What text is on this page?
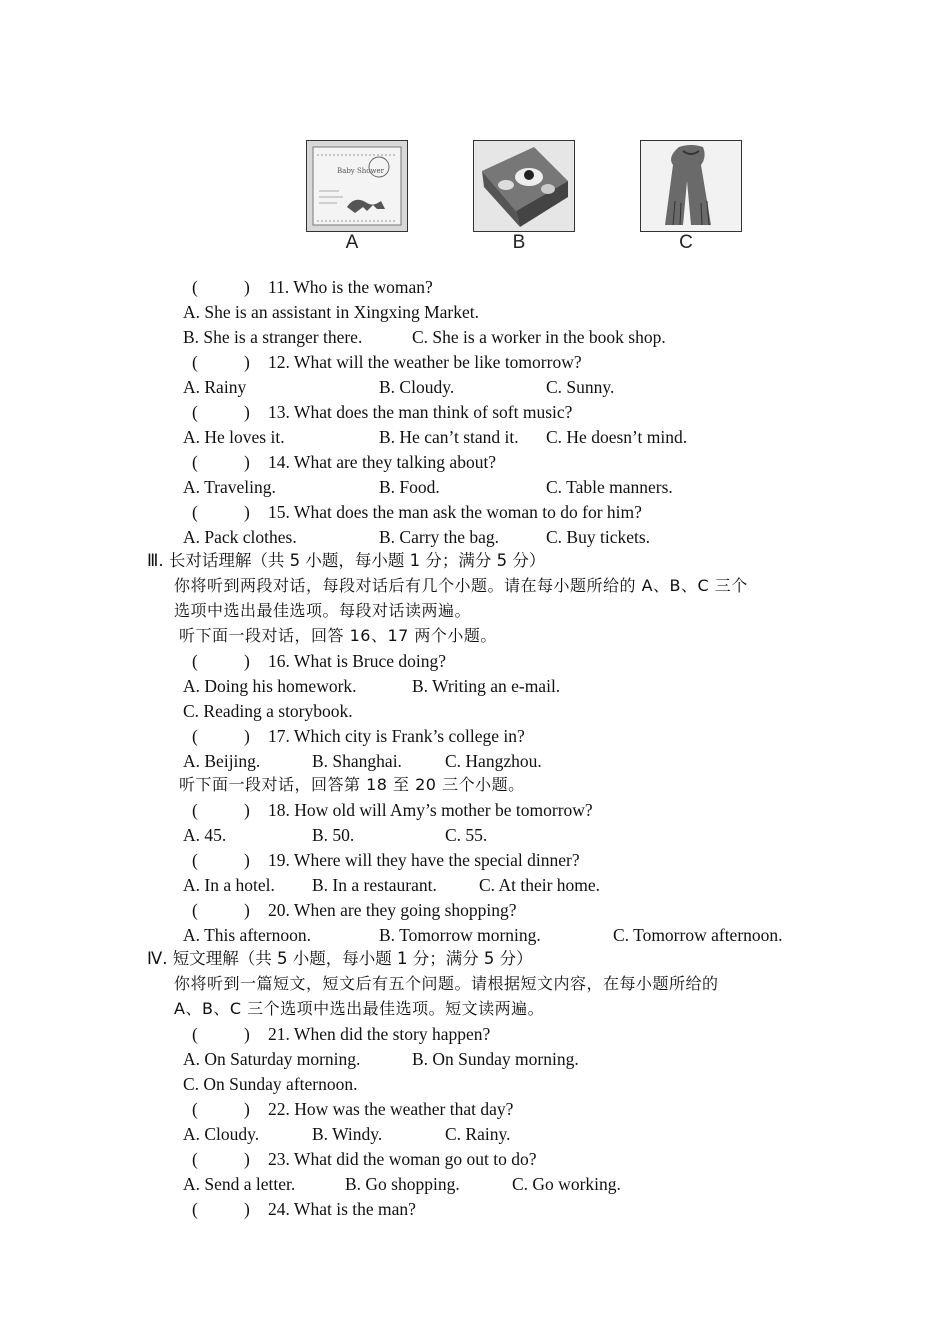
Baby Shower
A	B	C
(	) 11. Who is the woman?
A. She is an assistant in Xingxing Market.
B. She is a stranger there.	C. She is a worker in the book shop.
(	) 12. What will the weather be like tomorrow?
A. Rainy	B. Cloudy.	C. Sunny.
(	) 13. What does the man think of soft music?
A. He loves it.	B. He can’t stand it. C. He doesn’t mind.
(	) 14. What are they talking about?
A. Traveling.	B. Food.	C. Table manners.
(	) 15. What does the man ask the woman to do for him?
A. Pack clothes.	B. Carry the bag.	C. Buy tickets.
Ⅲ. 长对话理解（共 5 小题，每小题 1 分；满分 5 分）
你将听到两段对话，每段对话后有几个小题。请在每小题所给的 A、B、C 三个
选项中选出最佳选项。每段对话读两遍。
听下面一段对话，回答 16、17 两个小题。
(	) 16. What is Bruce doing?
A. Doing his homework.	B. Writing an e-mail.
C. Reading a storybook.
(	) 17. Which city is Frank’s college in?
A. Beijing.	B. Shanghai. C. Hangzhou.
听下面一段对话，回答第 18 至 20 三个小题。
(	) 18. How old will Amy’s mother be tomorrow?
A. 45.	B. 50.	C. 55.
(	) 19. Where will they have the special dinner?
A. In a hotel. B. In a restaurant. C. At their home.
(	) 20. When are they going shopping?
A. This afternoon.	B. Tomorrow morning.	C. Tomorrow afternoon.
Ⅳ. 短文理解（共 5 小题，每小题 1 分；满分 5 分）
你将听到一篇短文，短文后有五个问题。请根据短文内容，在每小题所给的
A、B、C 三个选项中选出最佳选项。短文读两遍。
(	) 21. When did the story happen?
A. On Saturday morning.	B. On Sunday morning.
C. On Sunday afternoon.
(	) 22. How was the weather that day?
A. Cloudy.	B. Windy.	C. Rainy.
(	) 23. What did the woman go out to do?
A. Send a letter.	B. Go shopping.	C. Go working.
(	) 24. What is the man?
